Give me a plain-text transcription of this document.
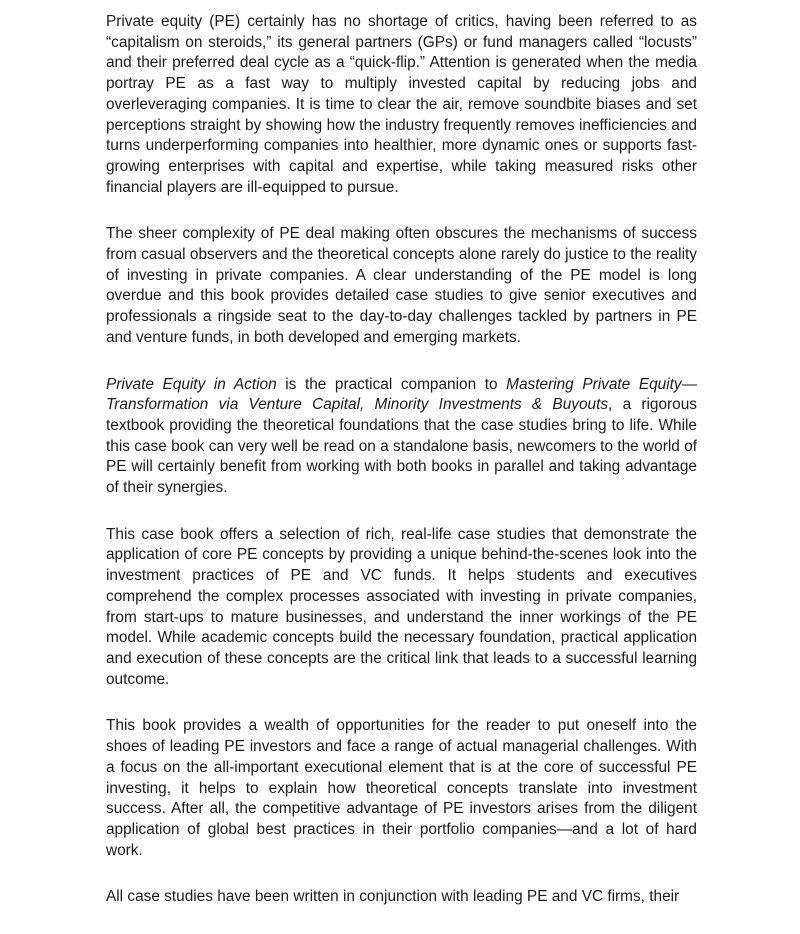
Private equity (PE) certainly has no shortage of critics, having been referred to as “capitalism on steroids,” its general partners (GPs) or fund managers called “locusts” and their preferred deal cycle as a “quick-flip.” Attention is generated when the media portray PE as a fast way to multiply invested capital by reducing jobs and overleveraging companies. It is time to clear the air, remove soundbite biases and set perceptions straight by showing how the industry frequently removes inefficiencies and turns underperforming companies into healthier, more dynamic ones or supports fast-growing enterprises with capital and expertise, while taking measured risks other financial players are ill-equipped to pursue.

The sheer complexity of PE deal making often obscures the mechanisms of success from casual observers and the theoretical concepts alone rarely do justice to the reality of investing in private companies. A clear understanding of the PE model is long overdue and this book provides detailed case studies to give senior executives and professionals a ringside seat to the day-to-day challenges tackled by partners in PE and venture funds, in both developed and emerging markets.

Private Equity in Action is the practical companion to Mastering Private Equity—Transformation via Venture Capital, Minority Investments & Buyouts, a rigorous textbook providing the theoretical foundations that the case studies bring to life. While this case book can very well be read on a standalone basis, newcomers to the world of PE will certainly benefit from working with both books in parallel and taking advantage of their synergies.

This case book offers a selection of rich, real-life case studies that demonstrate the application of core PE concepts by providing a unique behind-the-scenes look into the investment practices of PE and VC funds. It helps students and executives comprehend the complex processes associated with investing in private companies, from start-ups to mature businesses, and understand the inner workings of the PE model. While academic concepts build the necessary foundation, practical application and execution of these concepts are the critical link that leads to a successful learning outcome.

This book provides a wealth of opportunities for the reader to put oneself into the shoes of leading PE investors and face a range of actual managerial challenges. With a focus on the all-important executional element that is at the core of successful PE investing, it helps to explain how theoretical concepts translate into investment success. After all, the competitive advantage of PE investors arises from the diligent application of global best practices in their portfolio companies—and a lot of hard work.

All case studies have been written in conjunction with leading PE and VC firms, their
